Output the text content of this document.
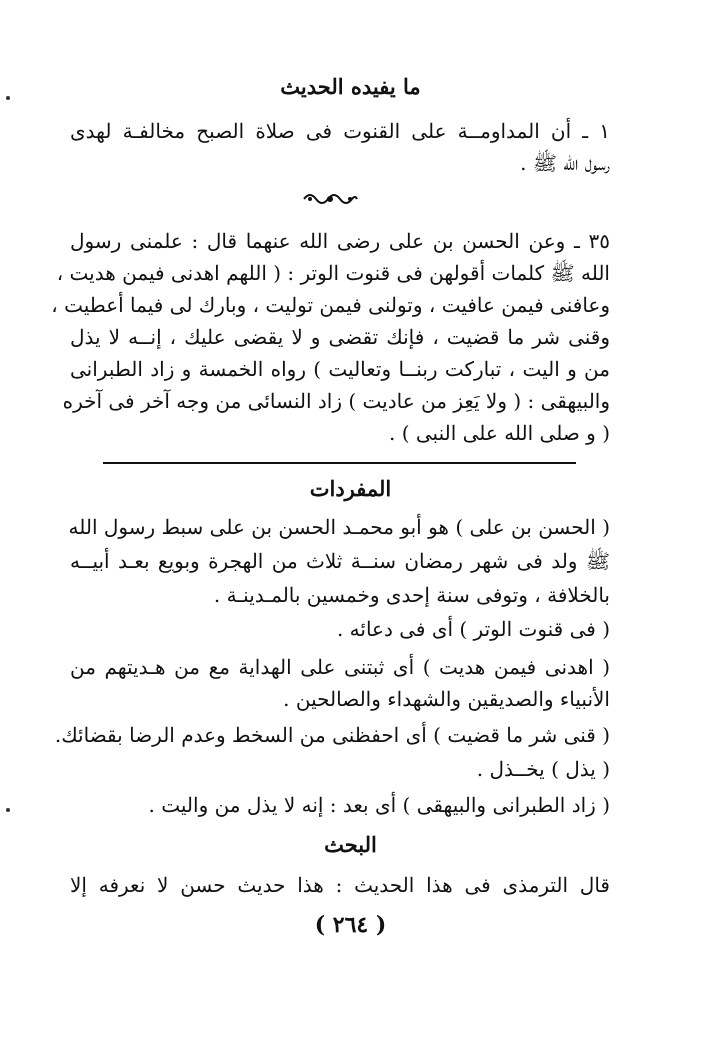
ما يفيده الحديث
١ ـ أن المداومــة على القنوت فى صلاة الصبح مخالفـة لهدى
رسول الله ﷺ .
٣٥ ـ وعن الحسن بن على رضى الله عنهما قال : علمنى رسول
الله ﷺ كلمات أقولهن فى قنوت الوتر : ( اللهم اهدنى فيمن هديت ،
وعافنى فيمن عافيت ، وتولنى فيمن توليت ، وبارك لى فيما أعطيت ،
وقنى شر ما قضيت ، فإنك تقضى و لا يقضى عليك ، إنــه لا يذل
من و اليت ، تباركت ربنــا وتعاليت ) رواه الخمسة و زاد الطبرانى
والبيهقى : ( ولا يَعِز من عاديت ) زاد النسائى من وجه آخر فى آخره
( و صلى الله على النبى ) .
المفردات
( الحسن بن على ) هو أبو محمـد الحسن بن على سبط رسول الله
ﷺ ولد فى شهر رمضان سنــة ثلاث من الهجرة وبويع بعـد أبيــه
بالخلافة ، وتوفى سنة إحدى وخمسين بالمـدينـة .
( فى قنوت الوتر ) أى فى دعائه .
( اهدنى فيمن هديت ) أى ثبتنى على الهداية مع من هـديتهم من
الأنبياء والصديقين والشهداء والصالحين .
( قنى شر ما قضيت ) أى احفظنى من السخط وعدم الرضا بقضائك.
( يذل ) يخــذل .
( زاد الطبرانى والبيهقى ) أى بعد : إنه لا يذل من واليت .
البحث
قال الترمذى فى هذا الحديث : هذا حديث حسن لا نعرفه إلا
( ٢٦٤ )
